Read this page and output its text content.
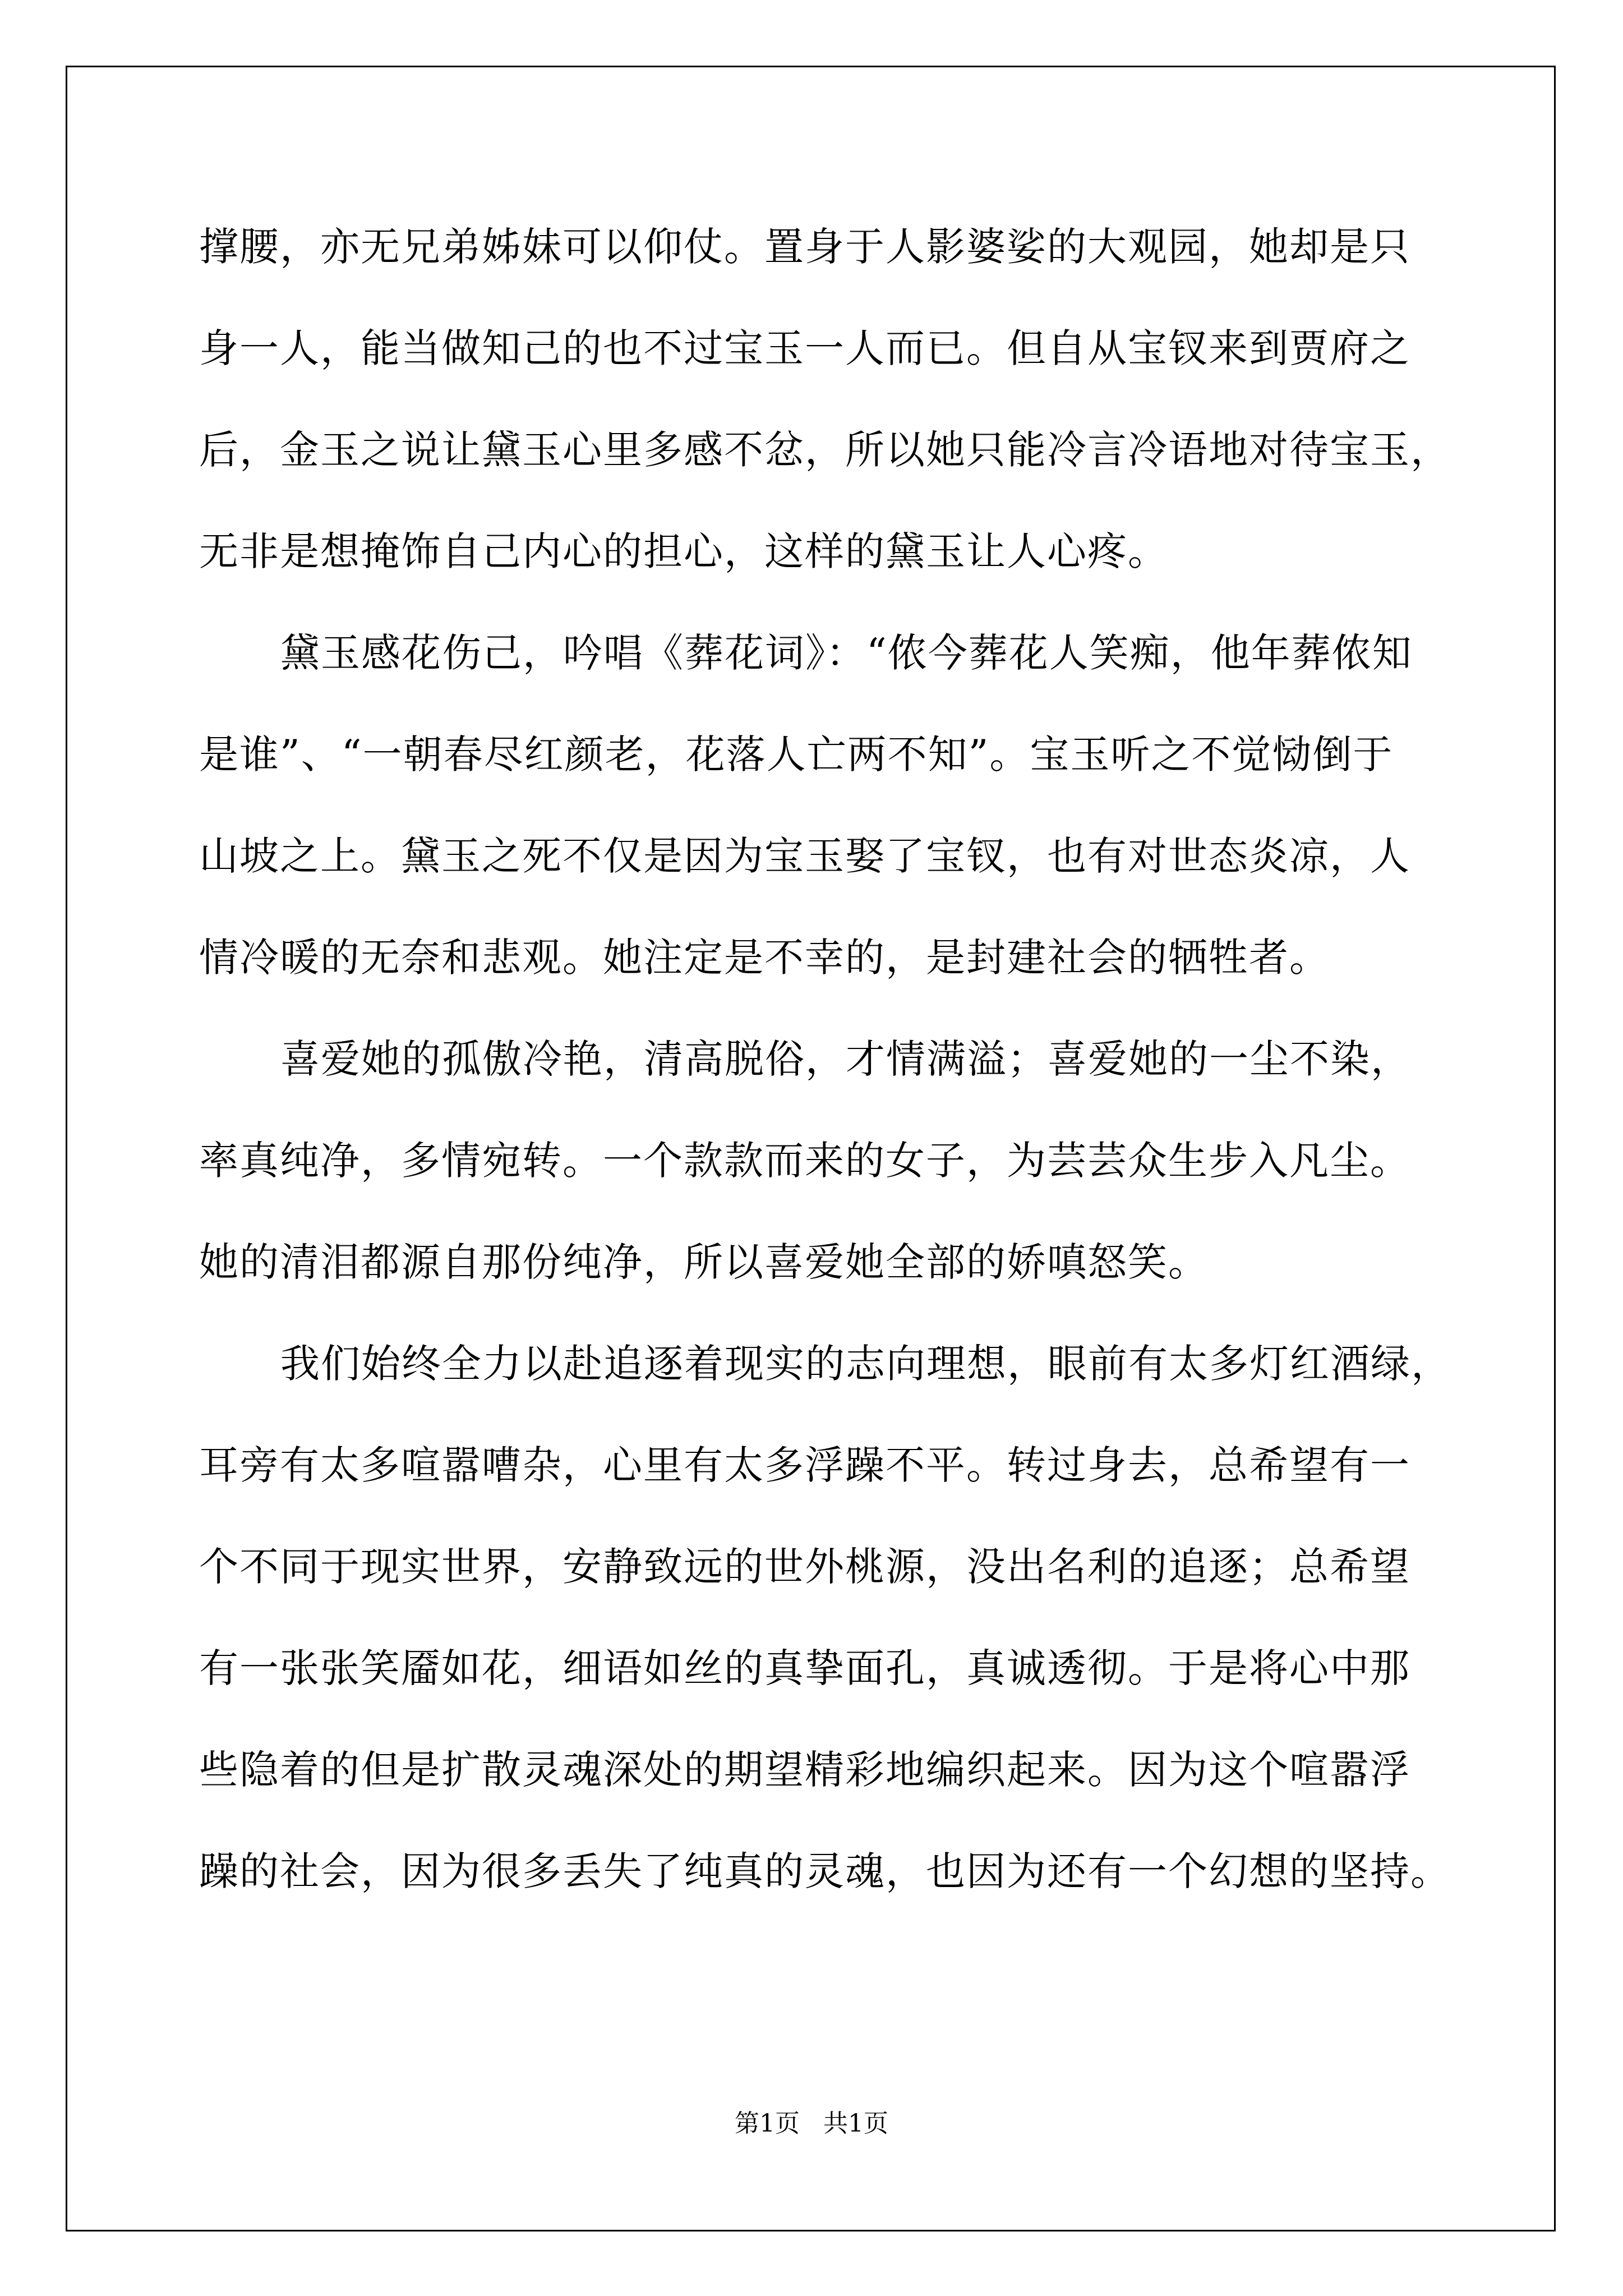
撑腰，亦无兄弟姊妹可以仰仗。置身于人影婆娑的大观园，她却是只
身一人，能当做知己的也不过宝玉一人而已。但自从宝钗来到贾府之
后，金玉之说让黛玉心里多感不忿，所以她只能冷言冷语地对待宝玉，
无非是想掩饰自己内心的担心，这样的黛玉让人心疼。
黛玉感花伤己，吟唱《葬花词》：“侬今葬花人笑痴，他年葬侬知
是谁”、“一朝春尽红颜老，花落人亡两不知”。宝玉听之不觉恸倒于
山坡之上。黛玉之死不仅是因为宝玉娶了宝钗，也有对世态炎凉，人
情冷暖的无奈和悲观。她注定是不幸的，是封建社会的牺牲者。
喜爱她的孤傲冷艳，清高脱俗，才情满溢；喜爱她的一尘不染，
率真纯净，多情宛转。一个款款而来的女子，为芸芸众生步入凡尘。
她的清泪都源自那份纯净，所以喜爱她全部的娇嗔怒笑。
我们始终全力以赴追逐着现实的志向理想，眼前有太多灯红酒绿，
耳旁有太多喧嚣嘈杂，心里有太多浮躁不平。转过身去，总希望有一
个不同于现实世界，安静致远的世外桃源，没出名利的追逐；总希望
有一张张笑靥如花，细语如丝的真挚面孔，真诚透彻。于是将心中那
些隐着的但是扩散灵魂深处的期望精彩地编织起来。因为这个喧嚣浮
躁的社会，因为很多丢失了纯真的灵魂，也因为还有一个幻想的坚持。
第1页 共1页
